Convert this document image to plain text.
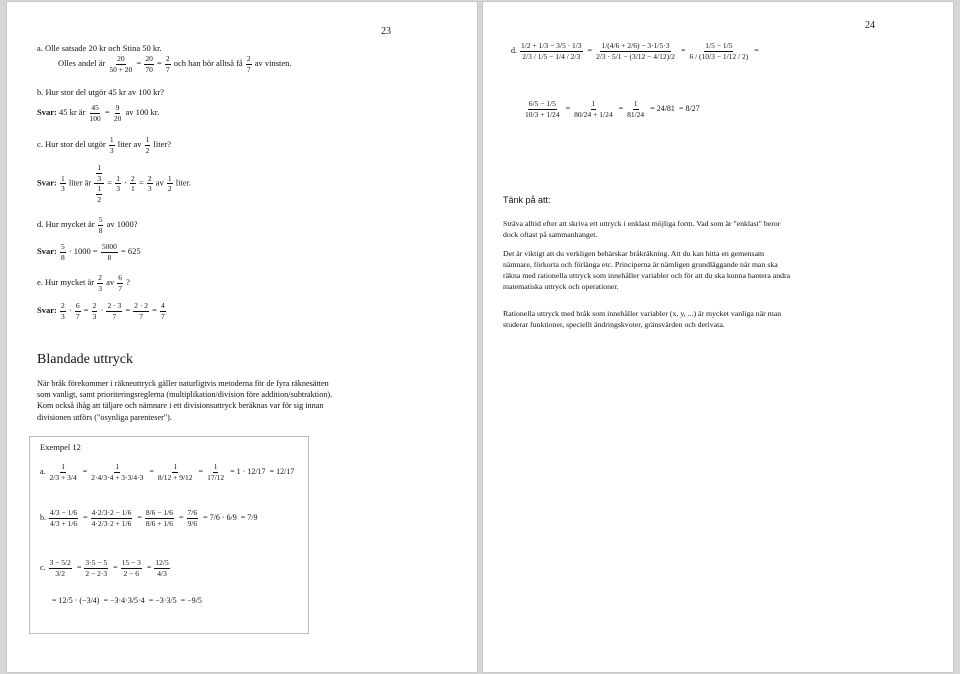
23
a. Olle satsade 20 kr och Stina 50 kr.
Olles andel är $\frac{20}{50 + 20} = \frac{20}{70} = \frac{2}{7}$ och han bör alltså få $\frac{2}{7}$ av vinsten.
b. Hur stor del utgör 45 kr av 100 kr?
Svar: 45 kr är $\frac{45}{100} = \frac{9}{20}$ av 100 kr.
c. Hur stor del utgör $\frac{1}{3}$ liter av $\frac{1}{2}$ liter?
Svar: $\frac{1}{3}$ liter är $\frac{\frac{1}{3}}{\frac{1}{2}} = \frac{1}{3} \cdot \frac{2}{1} = \frac{2}{3}$ av $\frac{1}{2}$ liter.
d. Hur mycket är $\frac{5}{8}$ av 1000?
Svar: $\frac{5}{8} \cdot 1000 = \frac{5000}{8} = 625$
e. Hur mycket är $\frac{2}{3}$ av $\frac{6}{7}$ ?
Svar: $\frac{2}{3} \cdot \frac{6}{7} = \frac{2}{3} \cdot \frac{2 \cdot 3}{7} = \frac{2 \cdot 2}{7} = \frac{4}{7}$
Blandade uttryck
När bråk förekommer i räkneuttryck gäller naturligtvis metoderna för de fyra räknesätten som vanligt, samt prioriteringsreglerna (multiplikation/division före addition/subtraktion). Kom också ihåg att täljare och nämnare i ett divisionsuttryck beräknas var för sig innan divisionen utförs ("osynliga parenteser").
Exempel 12
a. $\frac{1}{2/3 + 3/4} = \frac{1}{2\cdot 4/3\cdot 4 + 3\cdot 3/4\cdot 3} = \frac{1}{8/12 + 9/12} = \frac{1}{17/12} = 1 \cdot 12/17 = 12/17$
b. $\frac{4/3 - 1/6}{4/3 + 1/6} = \frac{4\cdot 2/3\cdot 2 - 1/6}{4\cdot 2/3\cdot 2 + 1/6} = \frac{8/6 - 1/6}{8/6 + 1/6} = \frac{7/6}{9/6} = 7/6 \cdot 6/9 = 7/9$
c. $\frac{3 - 5/2}{3/2} = \frac{3\cdot 5 - 5}{2 - 2\cdot 3} = \frac{15 - 3}{2 - 6} = \frac{12/5}{4/3}$
= 12/5 · (−3/4) = −3·4·3/5·4 = −3·3/5 = −9/5
24
d. $\frac{1/2 + 1/3 - 3/5 \cdot 1/3}{2/3 / 1/5 - 1/4 / 2/3} = \frac{1/(4/6 + 2/6) - 3\cdot 1/5\cdot 3}{2/3 \cdot 5/1 - (3/12 - 4/12)/2} = \frac{1/5 - 1/5}{6 / (10/3 - 1/12 / 2)}$ =
$\frac{6/5 - 1/5}{10/3 + 1/24} = \frac{1}{80/24 + 1/24} = \frac{1}{81/24} = 24/81 = 8/27$
Tänk på att:
Sträva alltid efter att skriva ett uttryck i enklast möjliga form. Vad som är "enklast" beror dock oftast på sammanhanget.
Det är viktigt att du verkligen behärskar bråkräkning. Att du kan hitta en gemensam nämnare, förkorta och förlänga etc. Principerna är nämligen grundläggande när man ska räkna med rationella uttryck som innehåller variabler och för att du ska kunna hantera andra matematiska uttryck och operationer.
Rationella uttryck med bråk som innehåller variabler (x, y, ...) är mycket vanliga när man studerar funktioner, speciellt ändringskvoter, gränsvärden och derivata.
